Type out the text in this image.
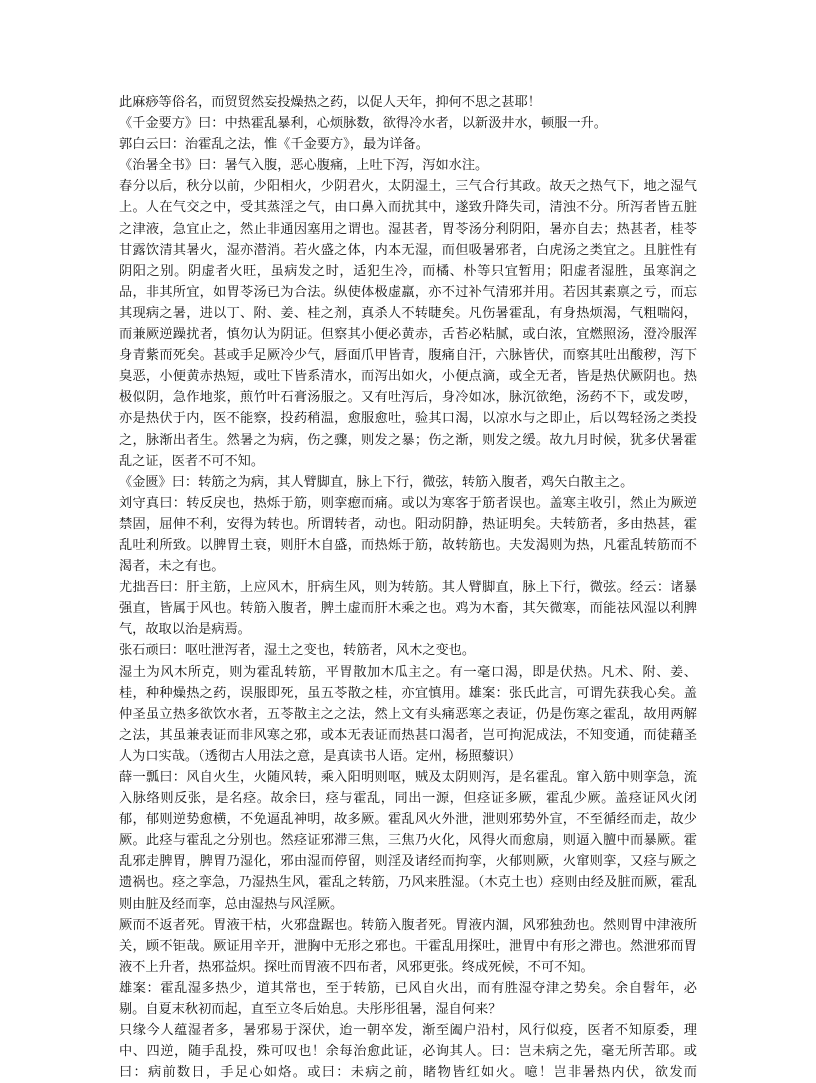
此麻痧等俗名，而贸贸然妄投燥热之药，以促人天年，抑何不思之甚耶！

《千金要方》曰：中热霍乱暴利，心烦脉数，欲得冷水者，以新汲井水，顿服一升。

郭白云曰：治霍乱之法，惟《千金要方》，最为详备。

《治暑全书》曰：暑气入腹，恶心腹痛，上吐下泻，泻如水注。

春分以后，秋分以前，少阳相火，少阴君火，太阴湿土，三气合行其政。故天之热气下，地之湿气上。人在气交之中，受其蒸淫之气，由口鼻入而扰其中，遂致升降失司，清浊不分。所泻者皆五脏之津液，急宜止之，然止非通因塞用之谓也。湿甚者，胃苓汤分利阴阳，暑亦自去；热甚者，桂苓甘露饮清其暑火，湿亦潜消。若火盛之体，内本无湿，而但吸暑邪者，白虎汤之类宜之。且脏性有阴阳之别。阴虚者火旺，虽病发之时，适犯生冷，而橘、朴等只宜暂用；阳虚者湿胜，虽寒润之品，非其所宜，如胃苓汤已为合法。纵使体极虚羸，亦不过补气清邪并用。若因其素禀之亏，而忘其现病之暑，进以丁、附、姜、桂之剂，真杀人不转睫矣。凡伤暑霍乱，有身热烦渴，气粗喘闷，而兼厥逆躁扰者，慎勿认为阴证。但察其小便必黄赤，舌苔必粘腻，或白浓，宜燃照汤，澄冷服浑身青紫而死矣。甚或手足厥冷少气，唇面爪甲皆青，腹痛自汗，六脉皆伏，而察其吐出酸秽，泻下臭恶，小便黄赤热短，或吐下皆系清水，而泻出如火，小便点滴，或全无者，皆是热伏厥阴也。热极似阴，急作地浆，煎竹叶石膏汤服之。又有吐泻后，身冷如冰，脉沉欲绝，汤药不下，或发哕，亦是热伏于内，医不能察，投药稍温，愈服愈吐，验其口渴，以凉水与之即止，后以驾轻汤之类投之，脉渐出者生。然暑之为病，伤之骤，则发之暴；伤之渐，则发之缓。故九月时候，犹多伏暑霍乱之证，医者不可不知。

《金匮》曰：转筋之为病，其人臂脚直，脉上下行，微弦，转筋入腹者，鸡矢白散主之。

刘守真曰：转反戾也，热烁于筋，则挛瘛而痛。或以为寒客于筋者误也。盖寒主收引，然止为厥逆禁固，屈伸不利，安得为转也。所谓转者，动也。阳动阴静，热证明矣。夫转筋者，多由热甚，霍乱吐利所致。以脾胃土衰，则肝木自盛，而热烁于筋，故转筋也。夫发渴则为热，凡霍乱转筋而不渴者，未之有也。

尤拙吾曰：肝主筋，上应风木，肝病生风，则为转筋。其人臂脚直，脉上下行，微弦。经云：诸暴强直，皆属于风也。转筋入腹者，脾土虚而肝木乘之也。鸡为木畜，其矢微寒，而能祛风湿以利脾气，故取以治是病焉。

张石顽曰：呕吐泄泻者，湿土之变也，转筋者，风木之变也。

湿土为风木所克，则为霍乱转筋，平胃散加木瓜主之。有一毫口渴，即是伏热。凡术、附、姜、桂，种种燥热之药，误服即死，虽五苓散之桂，亦宜慎用。雄案：张氏此言，可谓先获我心矣。盖仲圣虽立热多欲饮水者，五苓散主之之法，然上文有头痛恶寒之表证，仍是伤寒之霍乱，故用两解之法，其虽兼表证而非风寒之邪，或本无表证而热甚口渴者，岂可拘泥成法，不知变通，而徒藉圣人为口实哉。（透彻古人用法之意，是真读书人语。定州，杨照藜识）

薛一瓢曰：风自火生，火随风转，乘入阳明则呕，贼及太阴则泻，是名霍乱。窜入筋中则挛急，流入脉络则反张，是名痉。故余曰，痉与霍乱，同出一源，但痉证多厥，霍乱少厥。盖痉证风火闭郁，郁则逆势愈横，不免逼乱神明，故多厥。霍乱风火外泄，泄则邪势外宣，不至循经而走，故少厥。此痉与霍乱之分别也。然痉证邪滞三焦，三焦乃火化，风得火而愈扇，则逼入膻中而暴厥。霍乱邪走脾胃，脾胃乃湿化，邪由湿而停留，则淫及诸经而拘挛，火郁则厥，火窜则挛，又痉与厥之遗祸也。痉之挛急，乃湿热生风，霍乱之转筋，乃风来胜湿。（木克土也）痉则由经及脏而厥，霍乱则由脏及经而挛，总由湿热与风淫厥。

厥而不返者死。胃液干枯，火邪盘踞也。转筋入腹者死。胃液内涸，风邪独劲也。然则胃中津液所关，顾不钜哉。厥证用辛开，泄胸中无形之邪也。干霍乱用探吐，泄胃中有形之滞也。然泄邪而胃液不上升者，热邪益炽。探吐而胃液不四布者，风邪更张。终成死候，不可不知。

雄案：霍乱湿多热少，道其常也，至于转筋，已风自火出，而有胜湿夺津之势矣。余自髫年，必剔。自夏末秋初而起，直至立冬后始息。夫彤彤徂暑，湿自何来？

只缘今人蕴湿者多，暑邪易于深伏，迨一朝卒发，渐至阖户沿村，风行似疫，医者不知原委，理中、四逆，随手乱投，殊可叹也！余每治愈此证，必询其人。曰：岂未病之先，毫无所苦耶。或曰：病前数日，手足心如烙。或曰：未病之前，睹物皆红如火。噫！岂非暑热内伏，欲发而
